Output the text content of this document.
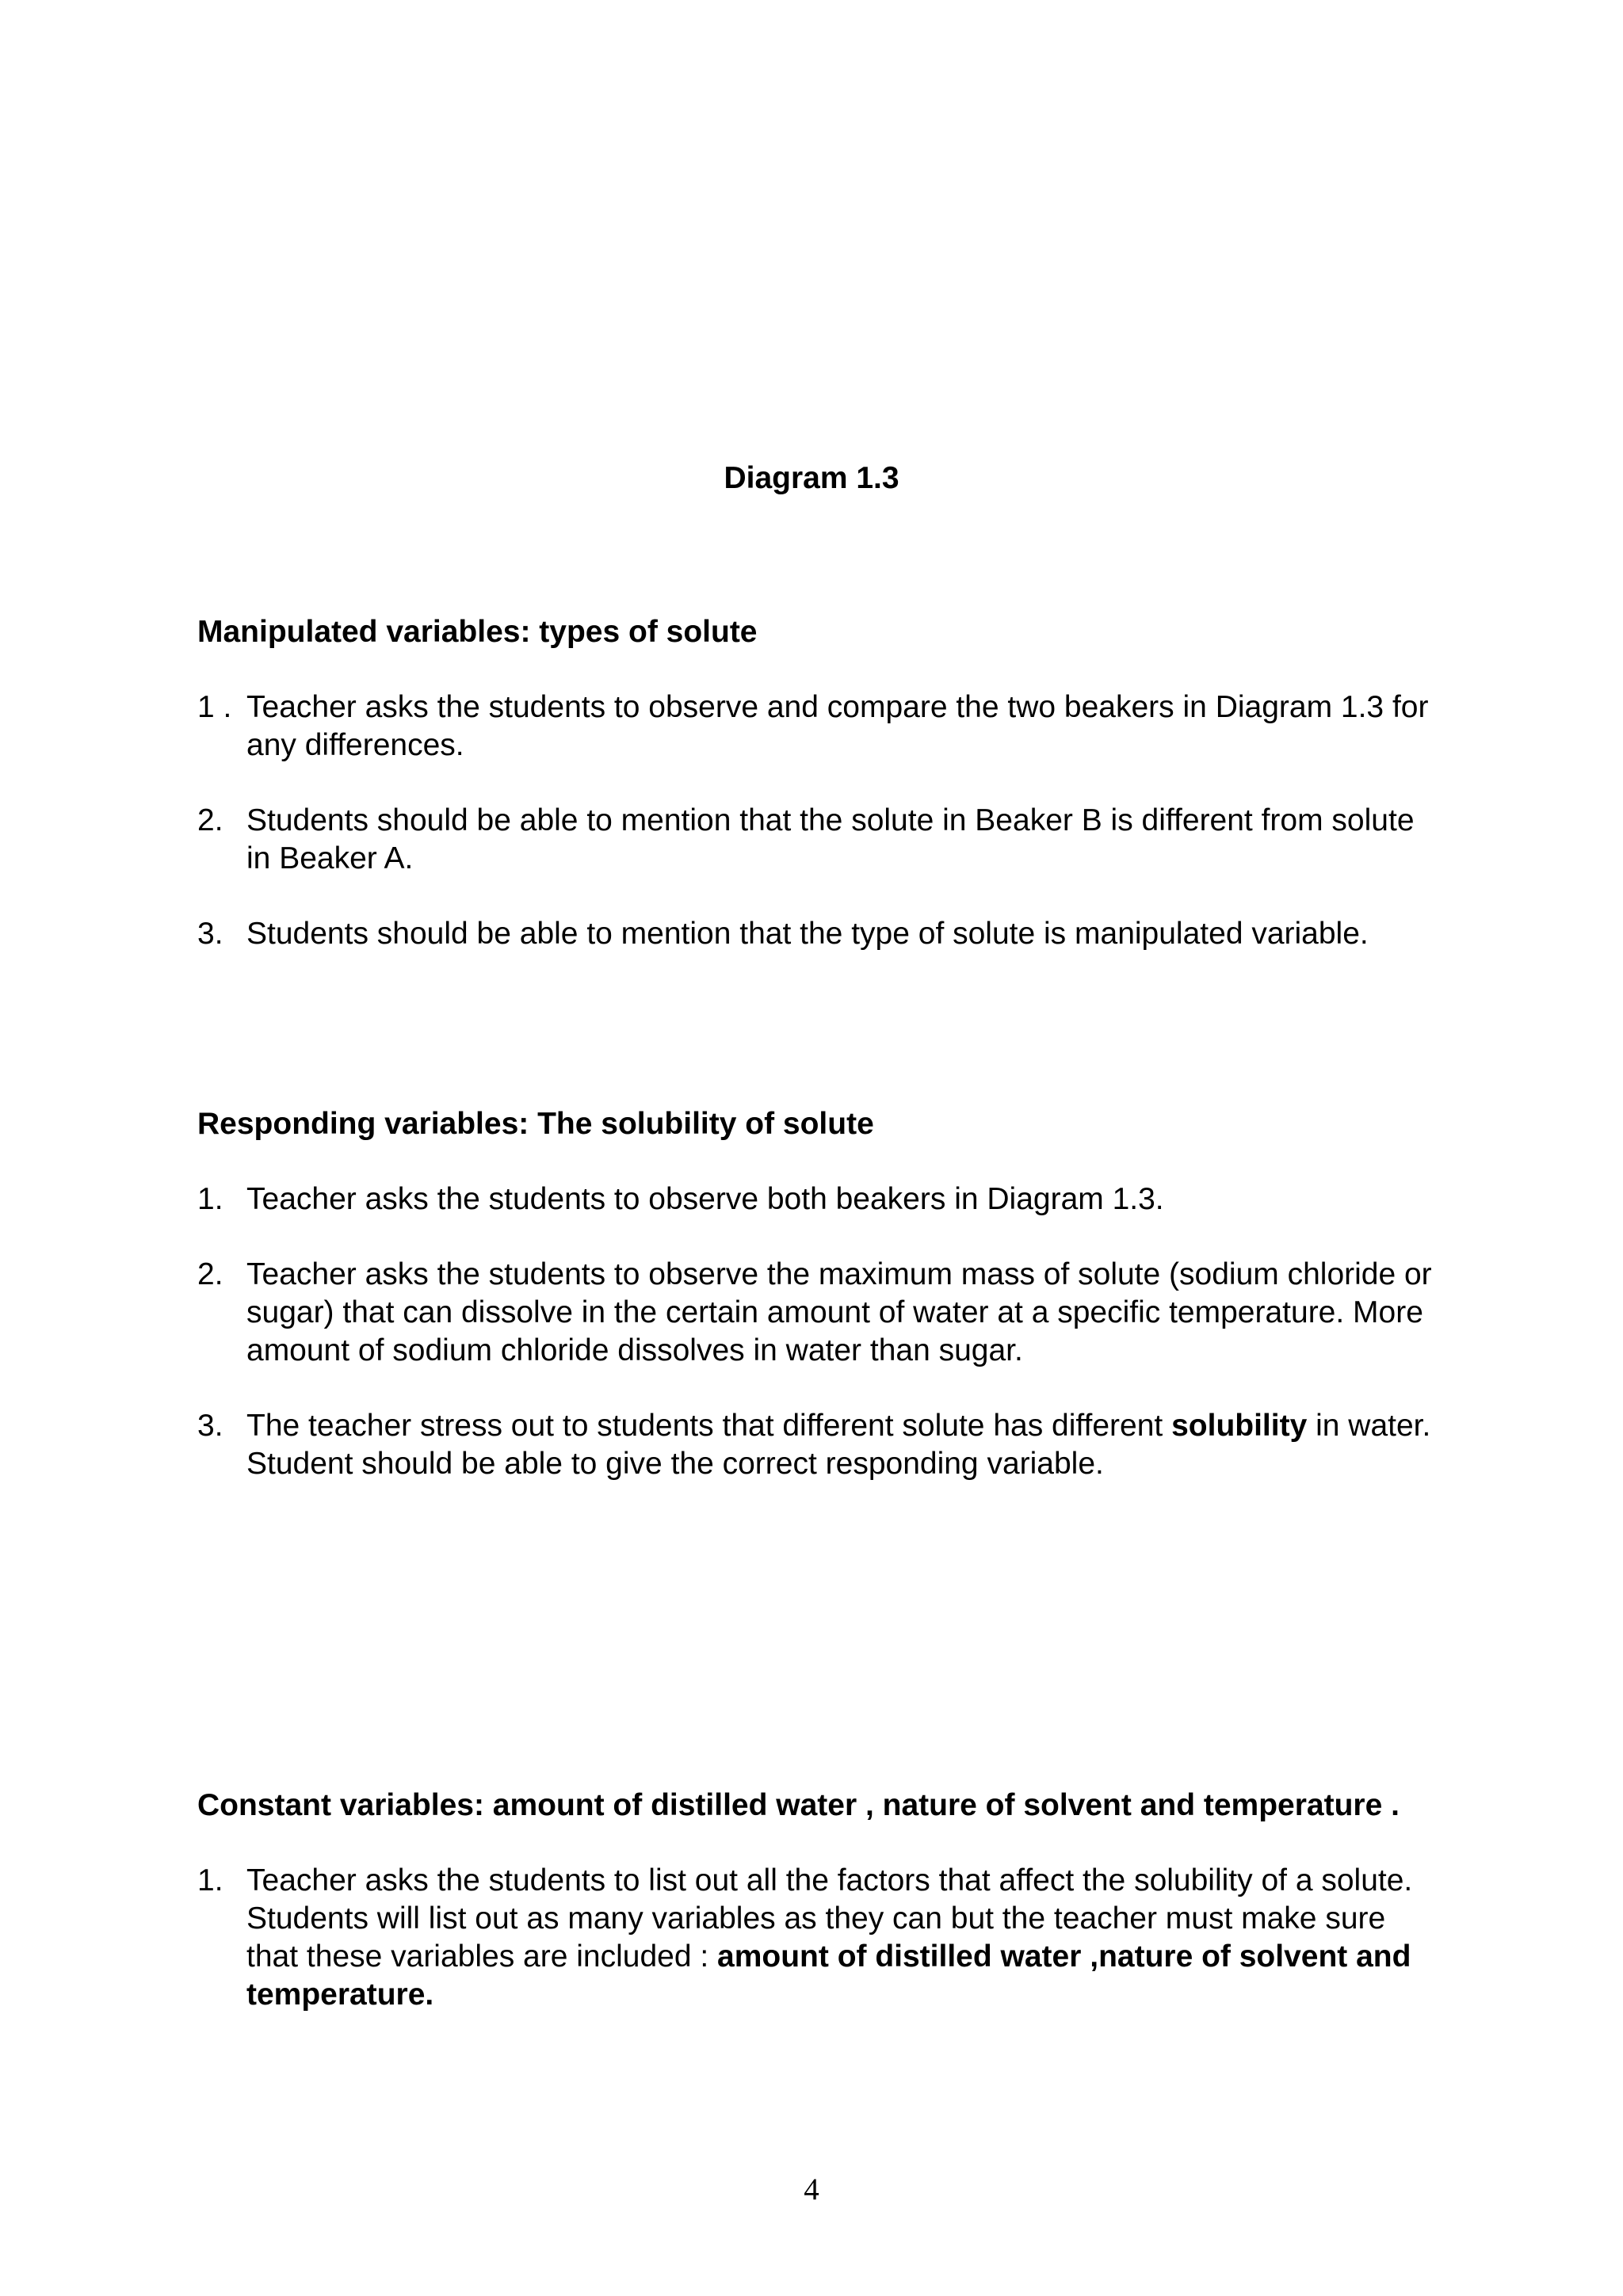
Diagram 1.3

Manipulated variables: types of solute

1 . Teacher asks the students to observe and compare the two beakers in Diagram 1.3 for any differences.
2. Students should be able to mention that the solute in Beaker B is different from solute in Beaker A.
3. Students should be able to mention that the type of solute is manipulated variable.

Responding variables: The solubility of solute

1. Teacher asks the students to observe both beakers in Diagram 1.3.
2. Teacher asks the students to observe the maximum mass of solute (sodium chloride or sugar) that can dissolve in the certain amount of water at a specific temperature. More amount of sodium chloride dissolves in water than sugar.
3. The teacher stress out to students that different solute has different solubility in water. Student should be able to give the correct responding variable.

Constant variables: amount of distilled water , nature of solvent and temperature .

1. Teacher asks the students to list out all the factors that affect the solubility of a solute. Students will list out as many variables as they can but the teacher must make sure that these variables are included : amount of distilled water ,nature of solvent and temperature.
4
